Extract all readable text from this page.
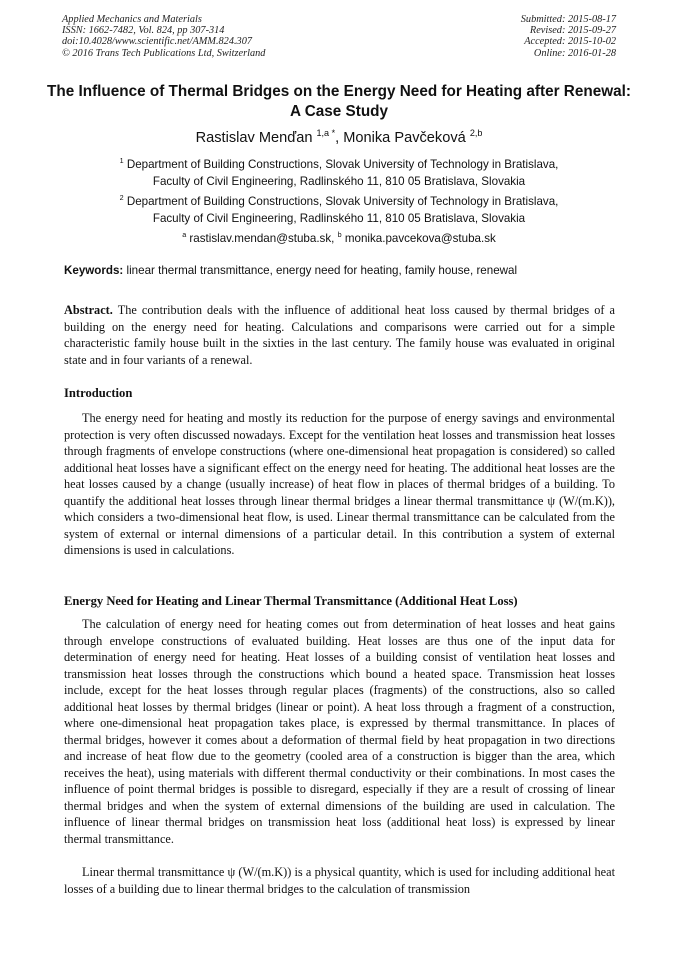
Applied Mechanics and Materials
ISSN: 1662-7482, Vol. 824, pp 307-314
doi:10.4028/www.scientific.net/AMM.824.307
© 2016 Trans Tech Publications Ltd, Switzerland
Submitted: 2015-08-17
Revised: 2015-09-27
Accepted: 2015-10-02
Online: 2016-01-28
The Influence of Thermal Bridges on the Energy Need for Heating after Renewal: A Case Study
Rastislav Menďan $^{1,a *}$, Monika Pavčeková $^{2,b}$
$^1$ Department of Building Constructions, Slovak University of Technology in Bratislava,
Faculty of Civil Engineering, Radlinského 11, 810 05 Bratislava, Slovakia
$^2$ Department of Building Constructions, Slovak University of Technology in Bratislava,
Faculty of Civil Engineering, Radlinského 11, 810 05 Bratislava, Slovakia
$^a$ rastislav.mendan@stuba.sk, $^b$ monika.pavcekova@stuba.sk
Keywords: linear thermal transmittance, energy need for heating, family house, renewal

Abstract. The contribution deals with the influence of additional heat loss caused by thermal bridges of a building on the energy need for heating. Calculations and comparisons were carried out for a simple characteristic family house built in the sixties in the last century. The family house was evaluated in original state and in four variants of a renewal.

Introduction

The energy need for heating and mostly its reduction for the purpose of energy savings and environmental protection is very often discussed nowadays. Except for the ventilation heat losses and transmission heat losses through fragments of envelope constructions (where one-dimensional heat propagation is considered) so called additional heat losses have a significant effect on the energy need for heating. The additional heat losses are the heat losses caused by a change (usually increase) of heat flow in places of thermal bridges of a building. To quantify the additional heat losses through linear thermal bridges a linear thermal transmittance ψ (W/(m.K)), which considers a two-dimensional heat flow, is used. Linear thermal transmittance can be calculated from the system of external or internal dimensions of a particular detail. In this contribution a system of external dimensions is used in calculations.

Energy Need for Heating and Linear Thermal Transmittance (Additional Heat Loss)

The calculation of energy need for heating comes out from determination of heat losses and heat gains through envelope constructions of evaluated building. Heat losses are thus one of the input data for determination of energy need for heating. Heat losses of a building consist of ventilation heat losses and transmission heat losses through the constructions which bound a heated space. Transmission heat losses include, except for the heat losses through regular places (fragments) of the constructions, also so called additional heat losses by thermal bridges (linear or point). A heat loss through a fragment of a construction, where one-dimensional heat propagation takes place, is expressed by thermal transmittance. In places of thermal bridges, however it comes about a deformation of thermal field by heat propagation in two directions and increase of heat flow due to the geometry (cooled area of a construction is bigger than the area, which receives the heat), using materials with different thermal conductivity or their combinations. In most cases the influence of point thermal bridges is possible to disregard, especially if they are a result of crossing of linear thermal bridges and when the system of external dimensions of the building are used in calculation. The influence of linear thermal bridges on transmission heat loss (additional heat loss) is expressed by linear thermal transmittance.

Linear thermal transmittance ψ (W/(m.K)) is a physical quantity, which is used for including additional heat losses of a building due to linear thermal bridges to the calculation of transmission
